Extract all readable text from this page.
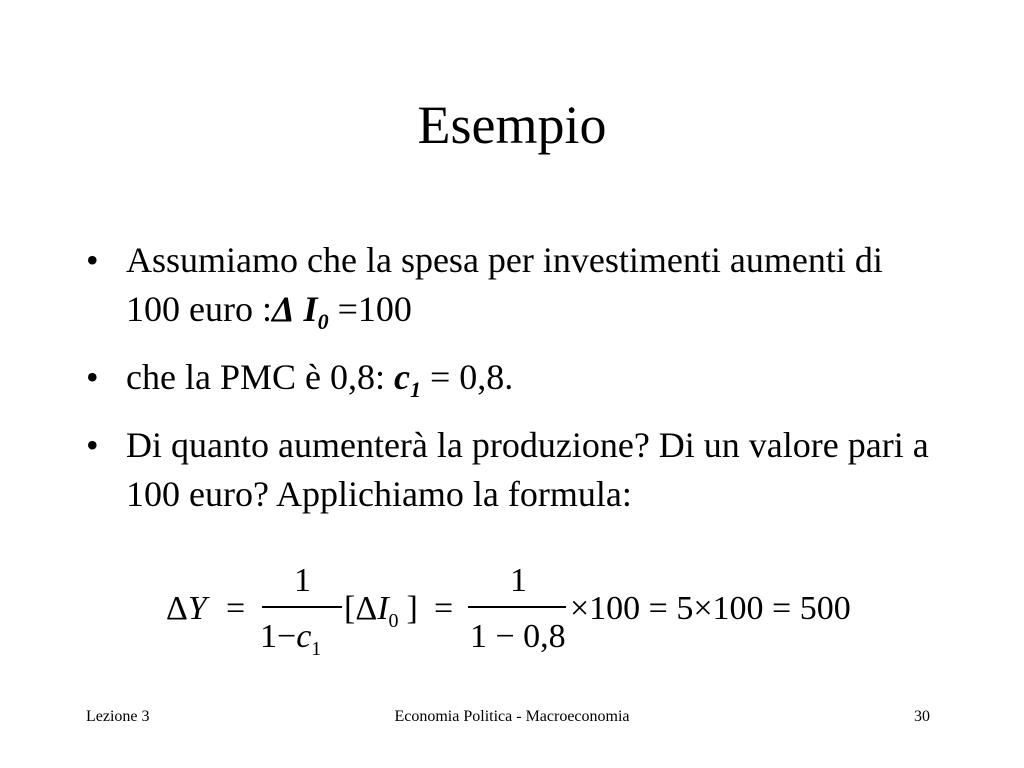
Esempio
• Assumiamo che la spesa per investimenti aumenti di 100 euro :Δ $I_0 =100$
• che la PMC è 0,8: $c_1 = 0,8$.
• Di quanto aumenterà la produzione? Di un valore pari a 100 euro? Applichiamo la formula:
ΔY =
1
$1-c_1$
[$\Delta I_0$ ] =
1
1 − 0,8
×100 = 5×100 = 500
Lezione 3	Economia Politica - Macroeconomia	30
